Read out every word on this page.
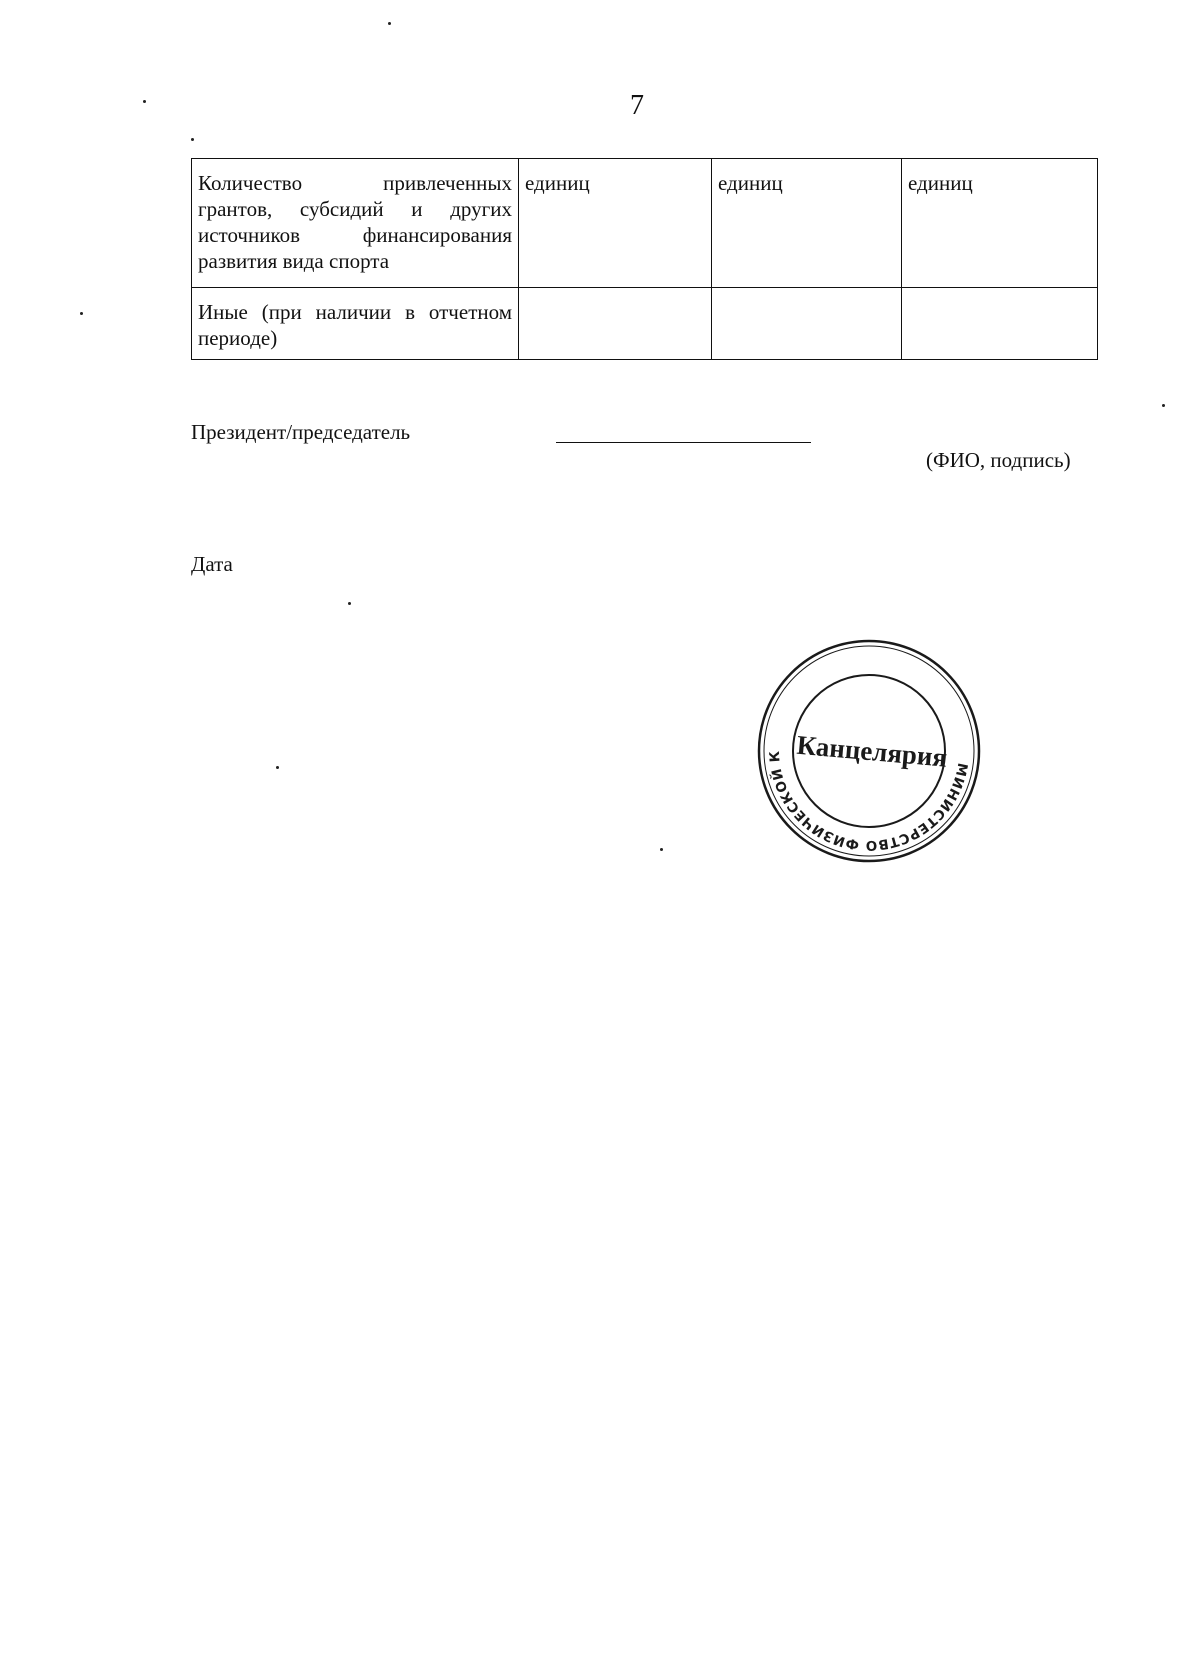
7
Количество привлеченных грантов, субсидий и других источников финансирования развития вида спорта	единиц	единиц	единиц
Иные (при наличии в отчетном периоде)			
Президент/председатель
(ФИО, подпись)
Дата
МИНИСТЕРСТВО ФИЗИЧЕСКОЙ К Канцелярия
